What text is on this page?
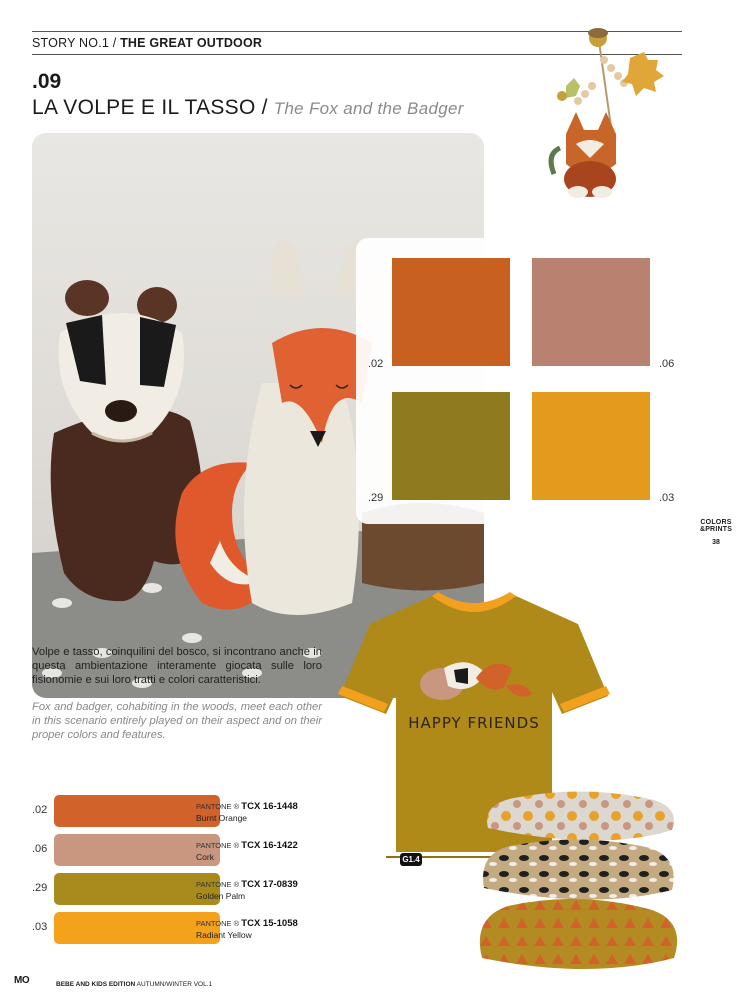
STORY NO.1 / THE GREAT OUTDOOR
.09
LA VOLPE E IL TASSO / The Fox and the Badger
.02	.06
.29	.03
COLORS
&PRINTS
38
Volpe e tasso, coinquilini del bosco, si incontrano anche in questa ambientazione interamente giocata sulle loro fisionomie e sui loro tratti e colori caratteristici.
Fox and badger, cohabiting in the woods, meet each other in this scenario entirely played on their aspect and on their proper colors and features.
HAPPY FRIENDS
.02	PANTONE ® TCX 16-1448
Burnt Orange
.06	PANTONE ® TCX 16-1422
Cork
.29	PANTONE ® TCX 17-0839
Golden Palm
.03	PANTONE ® TCX 15-1058
Radiant Yellow
G1.4
MO	BEBE AND KIDS EDITION AUTUMN/WINTER VOL.1
